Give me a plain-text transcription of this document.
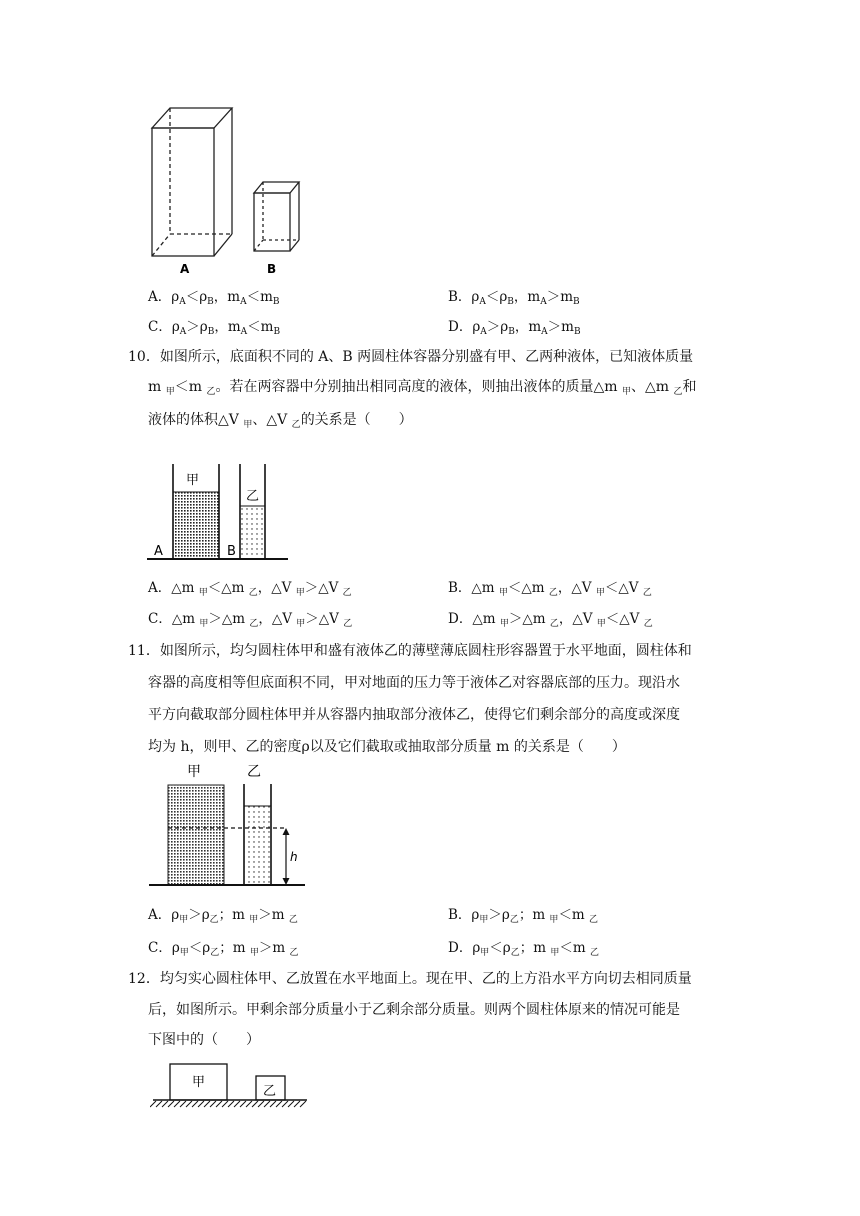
A	B
A．$\rho_A<\rho_B$，$m_A<m_B$	B．$\rho_A<\rho_B$，$m_A>m_B$
C．$\rho_A>\rho_B$，$m_A<m_B$	D．$\rho_A>\rho_B$，$m_A>m_B$
10．如图所示，底面积不同的 A、B 两圆柱体容器分别盛有甲、乙两种液体，已知液体质量
m $_甲$＜m $_乙$。若在两容器中分别抽出相同高度的液体，则抽出液体的质量△m $_甲$、△m $_乙$和
液体的体积△V $_甲$、△V $_乙$的关系是（　　）
甲
乙
A	B
A．△m $_甲$＜△m $_乙$，△V $_甲$＞△V $_乙$	B．△m $_甲$＜△m $_乙$，△V $_甲$＜△V $_乙$
C．△m $_甲$＞△m $_乙$，△V $_甲$＞△V $_乙$	D．△m $_甲$＞△m $_乙$，△V $_甲$＜△V $_乙$
11．如图所示，均匀圆柱体甲和盛有液体乙的薄壁薄底圆柱形容器置于水平地面，圆柱体和
容器的高度相等但底面积不同，甲对地面的压力等于液体乙对容器底部的压力。现沿水
平方向截取部分圆柱体甲并从容器内抽取部分液体乙，使得它们剩余部分的高度或深度
均为 h，则甲、乙的密度ρ以及它们截取或抽取部分质量 m 的关系是（　　）
甲	乙
h
A．$\rho_甲>\rho_乙$；m $_甲$＞m $_乙$	B．$\rho_甲>\rho_乙$；m $_甲$＜m $_乙$
C．$\rho_甲<\rho_乙$；m $_甲$＞m $_乙$	D．$\rho_甲<\rho_乙$；m $_甲$＜m $_乙$
12．均匀实心圆柱体甲、乙放置在水平地面上。现在甲、乙的上方沿水平方向切去相同质量
后，如图所示。甲剩余部分质量小于乙剩余部分质量。则两个圆柱体原来的情况可能是
下图中的（　　）
甲
乙
